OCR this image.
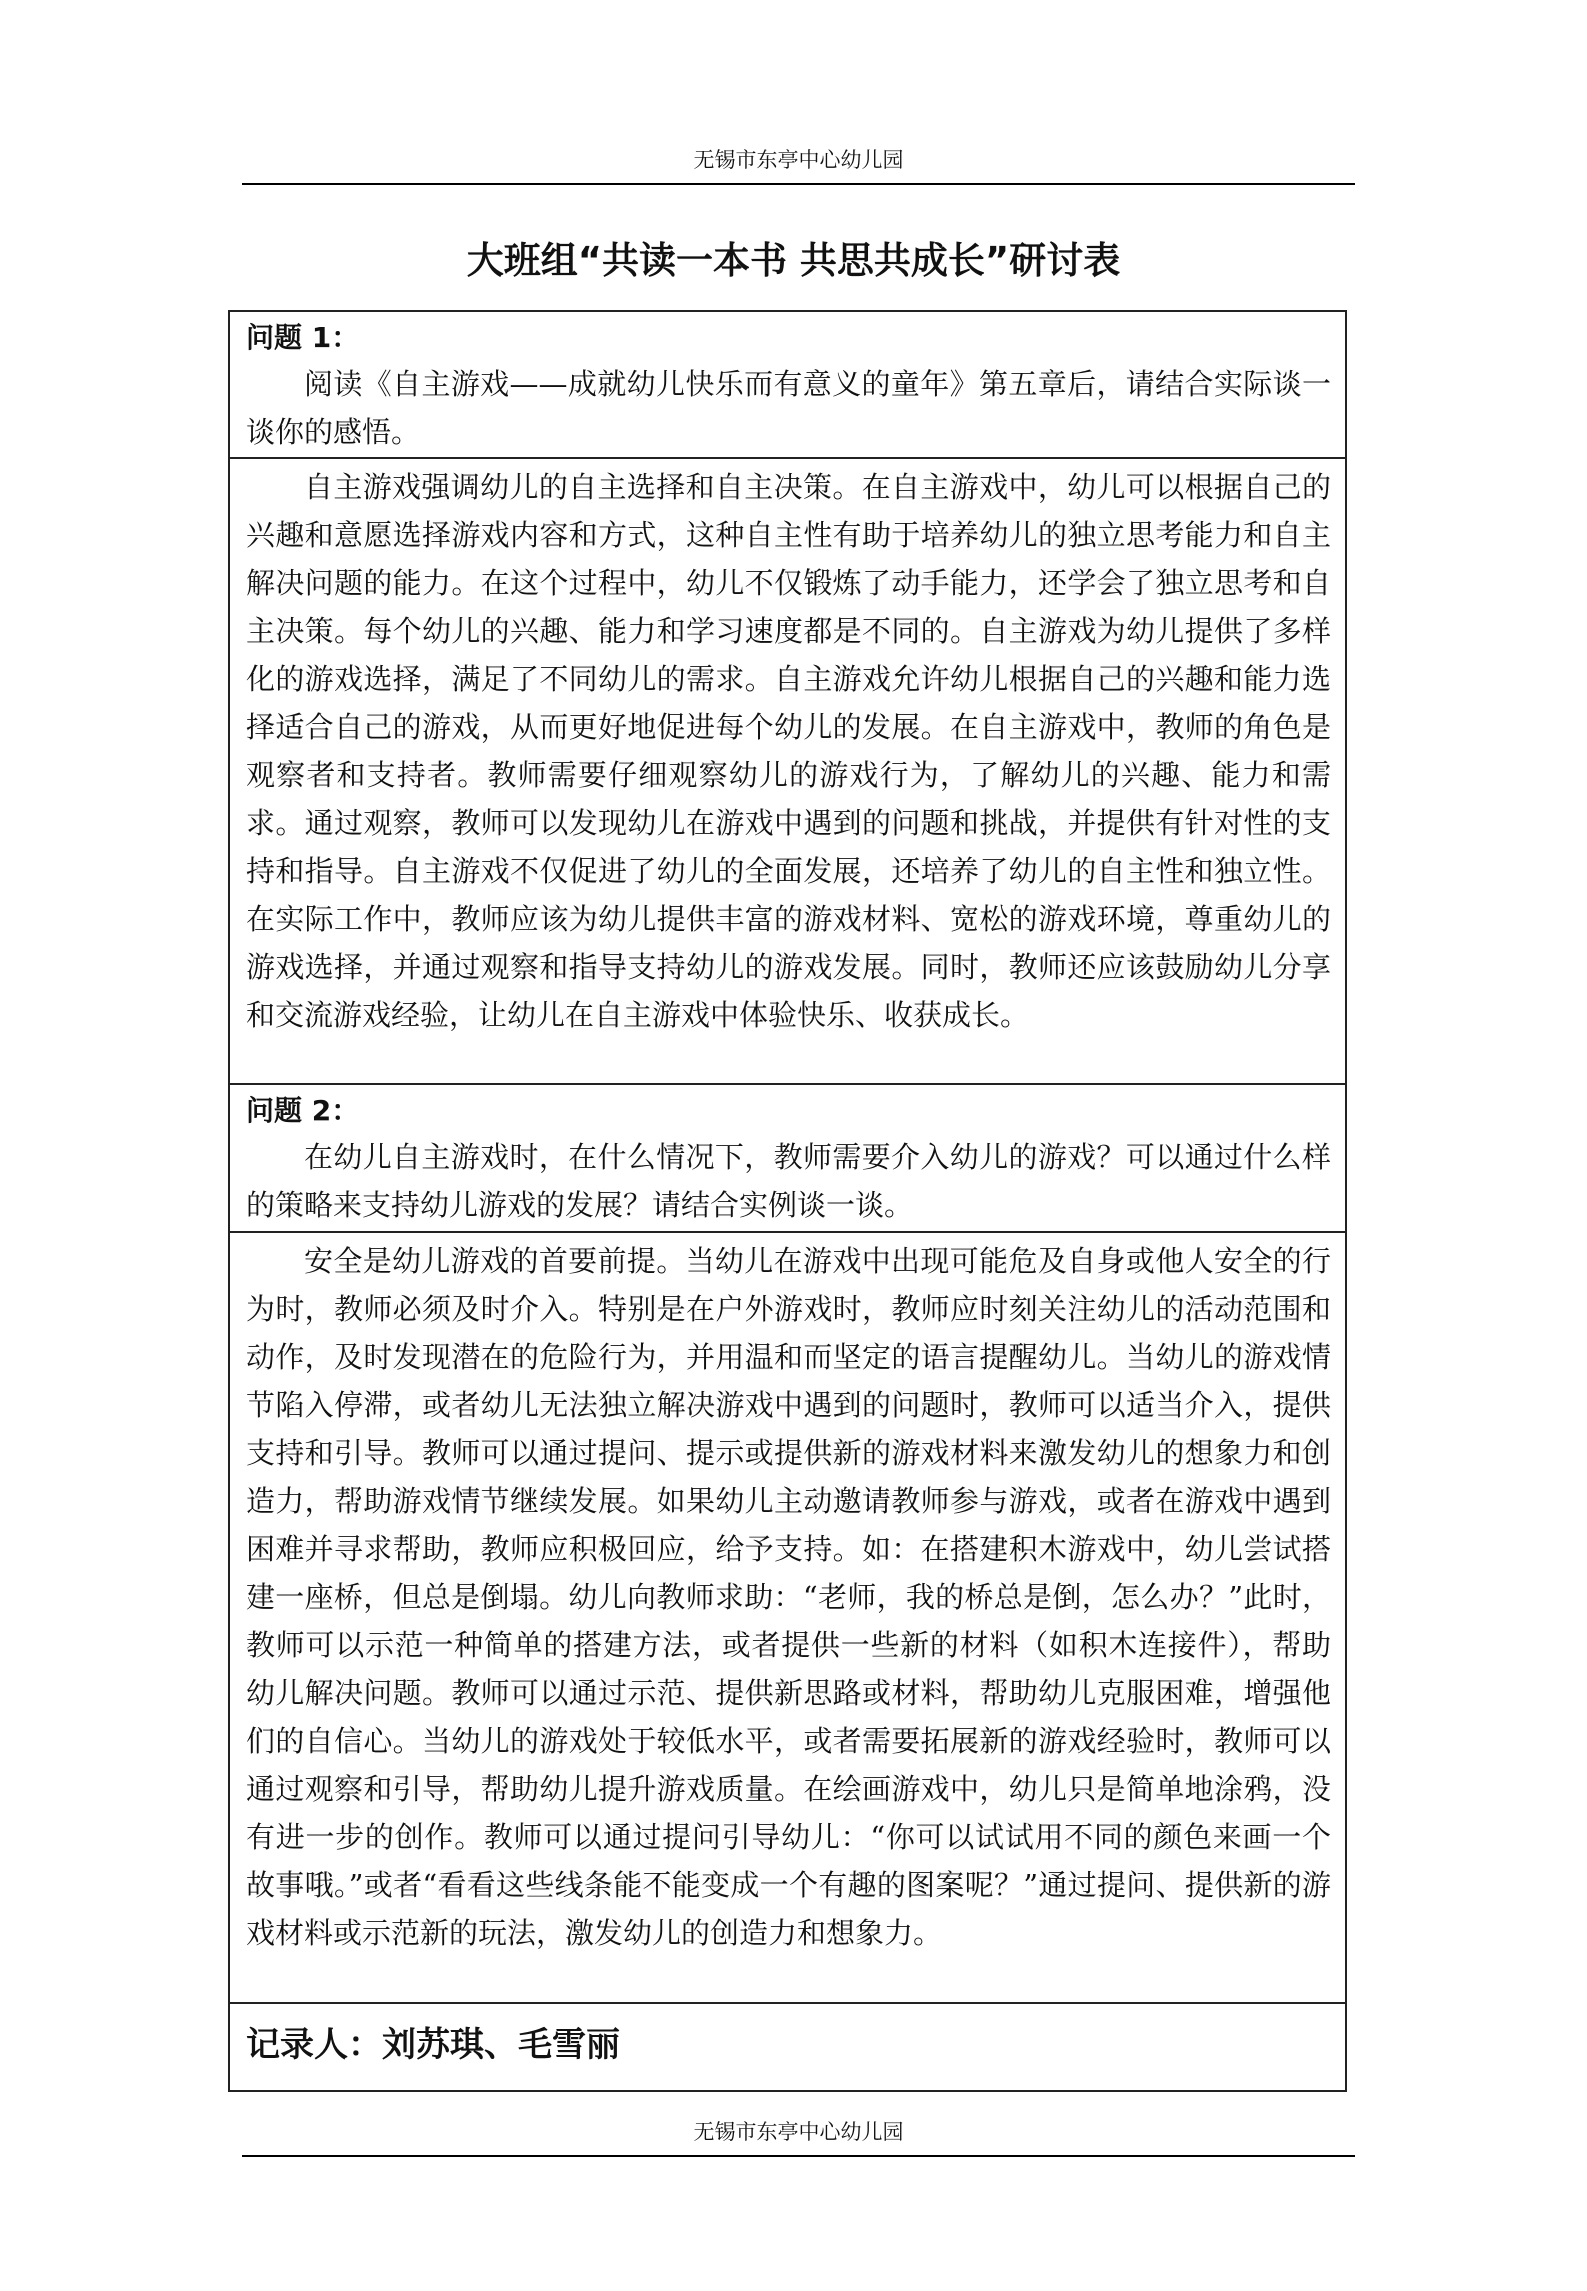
无锡市东亭中心幼儿园
大班组“共读一本书 共思共成长”研讨表
问题 1：
阅读《自主游戏——成就幼儿快乐而有意义的童年》第五章后，请结合实际谈一谈你的感悟。
自主游戏强调幼儿的自主选择和自主决策。在自主游戏中，幼儿可以根据自己的兴趣和意愿选择游戏内容和方式，这种自主性有助于培养幼儿的独立思考能力和自主解决问题的能力。在这个过程中，幼儿不仅锻炼了动手能力，还学会了独立思考和自主决策。每个幼儿的兴趣、能力和学习速度都是不同的。自主游戏为幼儿提供了多样化的游戏选择，满足了不同幼儿的需求。自主游戏允许幼儿根据自己的兴趣和能力选择适合自己的游戏，从而更好地促进每个幼儿的发展。在自主游戏中，教师的角色是观察者和支持者。教师需要仔细观察幼儿的游戏行为，了解幼儿的兴趣、能力和需求。通过观察，教师可以发现幼儿在游戏中遇到的问题和挑战，并提供有针对性的支持和指导。自主游戏不仅促进了幼儿的全面发展，还培养了幼儿的自主性和独立性。在实际工作中，教师应该为幼儿提供丰富的游戏材料、宽松的游戏环境，尊重幼儿的游戏选择，并通过观察和指导支持幼儿的游戏发展。同时，教师还应该鼓励幼儿分享和交流游戏经验，让幼儿在自主游戏中体验快乐、收获成长。
问题 2：
在幼儿自主游戏时，在什么情况下，教师需要介入幼儿的游戏？可以通过什么样的策略来支持幼儿游戏的发展？请结合实例谈一谈。
安全是幼儿游戏的首要前提。当幼儿在游戏中出现可能危及自身或他人安全的行为时，教师必须及时介入。特别是在户外游戏时，教师应时刻关注幼儿的活动范围和动作，及时发现潜在的危险行为，并用温和而坚定的语言提醒幼儿。当幼儿的游戏情节陷入停滞，或者幼儿无法独立解决游戏中遇到的问题时，教师可以适当介入，提供支持和引导。教师可以通过提问、提示或提供新的游戏材料来激发幼儿的想象力和创造力，帮助游戏情节继续发展。如果幼儿主动邀请教师参与游戏，或者在游戏中遇到困难并寻求帮助，教师应积极回应，给予支持。如：在搭建积木游戏中，幼儿尝试搭建一座桥，但总是倒塌。幼儿向教师求助：“老师，我的桥总是倒，怎么办？”此时，教师可以示范一种简单的搭建方法，或者提供一些新的材料（如积木连接件），帮助幼儿解决问题。教师可以通过示范、提供新思路或材料，帮助幼儿克服困难，增强他们的自信心。当幼儿的游戏处于较低水平，或者需要拓展新的游戏经验时，教师可以通过观察和引导，帮助幼儿提升游戏质量。在绘画游戏中，幼儿只是简单地涂鸦，没有进一步的创作。教师可以通过提问引导幼儿：“你可以试试用不同的颜色来画一个故事哦。”或者“看看这些线条能不能变成一个有趣的图案呢？”通过提问、提供新的游戏材料或示范新的玩法，激发幼儿的创造力和想象力。
记录人：刘苏琪、毛雪丽
无锡市东亭中心幼儿园
